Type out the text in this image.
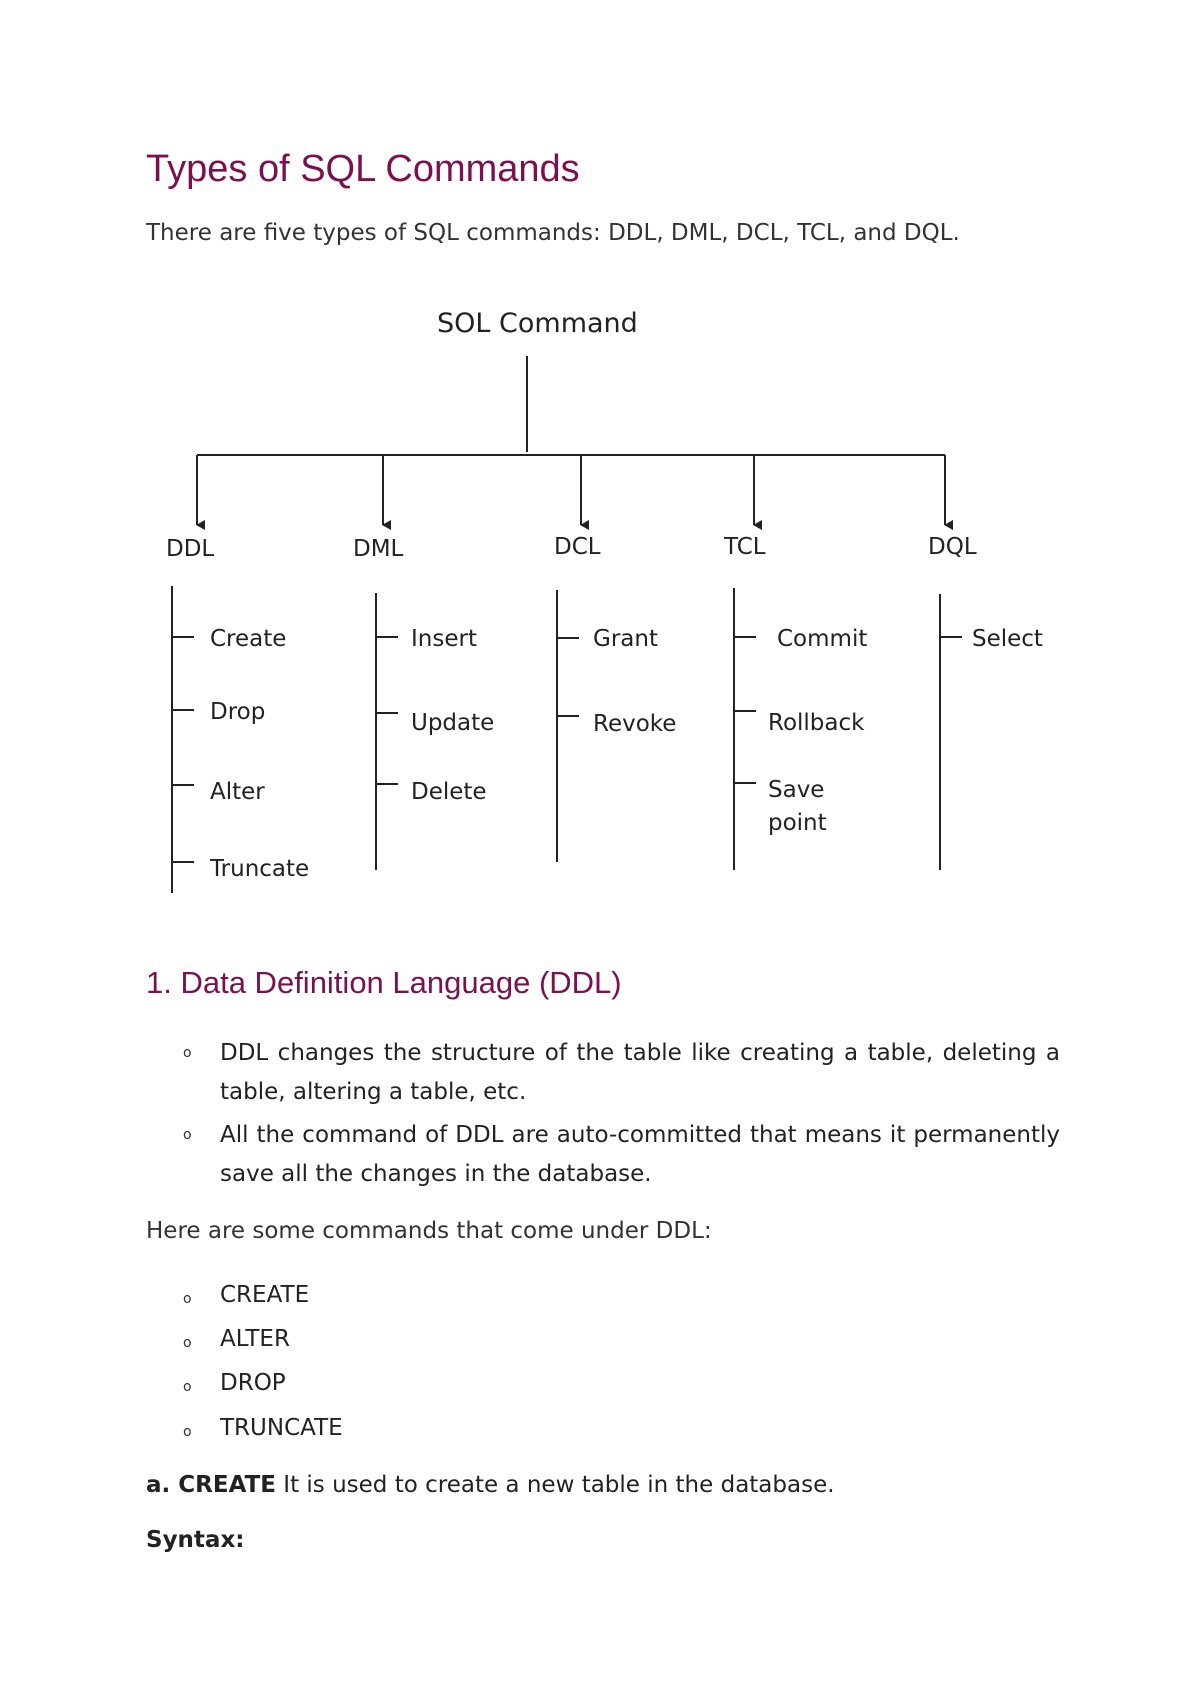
Types of SQL Commands
There are five types of SQL commands: DDL, DML, DCL, TCL, and DQL.
SOL Command
DDL	DML	DCL	TCL	DQL
Create
Drop
Alter
Truncate
Insert
Update
Delete
Grant
Revoke
Commit
Rollback
Save
point
Select
1. Data Definition Language (DDL)
o DDL changes the structure of the table like creating a table, deleting a table, altering a table, etc.
o All the command of DDL are auto-committed that means it permanently save all the changes in the database.
Here are some commands that come under DDL:
o CREATE
o ALTER
o DROP
o TRUNCATE
a. CREATE It is used to create a new table in the database.
Syntax:
